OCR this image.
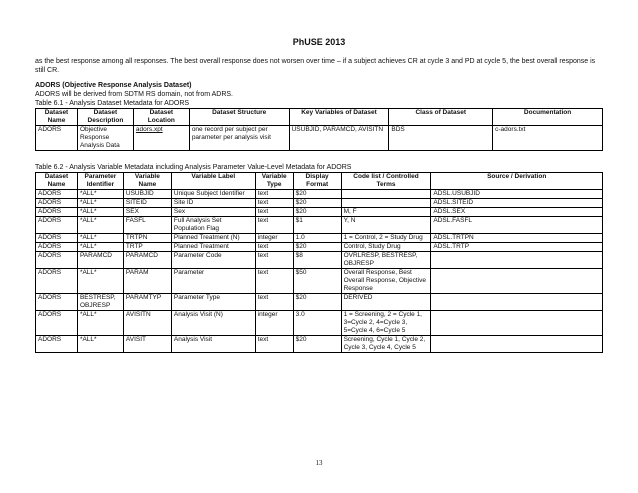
PhUSE 2013
as the best response among all responses. The best overall response does not worsen over time – if a subject achieves CR at cycle 3 and PD at cycle 5, the best overall response is still CR.
ADORS (Objective Response Analysis Dataset)
ADORS will be derived from SDTM RS domain, not from ADRS.
Table 6.1 - Analysis Dataset Metadata for ADORS
Dataset Name	Dataset Description	Dataset Location	Dataset Structure	Key Variables of Dataset	Class of Dataset	Documentation
ADORS	Objective Response Analysis Data	adors.xpt	one record per subject per parameter per analysis visit	USUBJID, PARAMCD, AVISITN	BDS	c-adors.txt
Table 6.2 - Analysis Variable Metadata including Analysis Parameter Value-Level Metadata for ADORS
Dataset Name	Parameter Identifier	Variable Name	Variable Label	Variable Type	Display Format	Code list / Controlled Terms	Source / Derivation
ADORS	*ALL*	USUBJID	Unique Subject Identifier	text	$20		ADSL.USUBJID
ADORS	*ALL*	SITEID	Site ID	text	$20		ADSL.SITEID
ADORS	*ALL*	SEX	Sex	text	$20	M, F	ADSL.SEX
ADORS	*ALL*	FASFL	Full Analysis Set Population Flag	text	$1	Y, N	ADSL.FASFL
ADORS	*ALL*	TRTPN	Planned Treatment (N)	integer	1.0	1 = Control, 2 = Study Drug	ADSL.TRTPN
ADORS	*ALL*	TRTP	Planned Treatment	text	$20	Control, Study Drug	ADSL.TRTP
ADORS	PARAMCD	PARAMCD	Parameter Code	text	$8	OVRLRESP, BESTRESP, OBJRESP	
ADORS	*ALL*	PARAM	Parameter	text	$50	Overall Response, Best Overall Response, Objective Response	
ADORS	BESTRESP, OBJRESP	PARAMTYP	Parameter Type	text	$20	DERIVED	
ADORS	*ALL*	AVISITN	Analysis Visit (N)	integer	3.0	1 = Screening, 2 = Cycle 1, 3=Cycle 2, 4=Cycle 3, 5=Cycle 4, 6=Cycle 5	
ADORS	*ALL*	AVISIT	Analysis Visit	text	$20	Screening, Cycle 1, Cycle 2, Cycle 3, Cycle 4, Cycle 5	
13
